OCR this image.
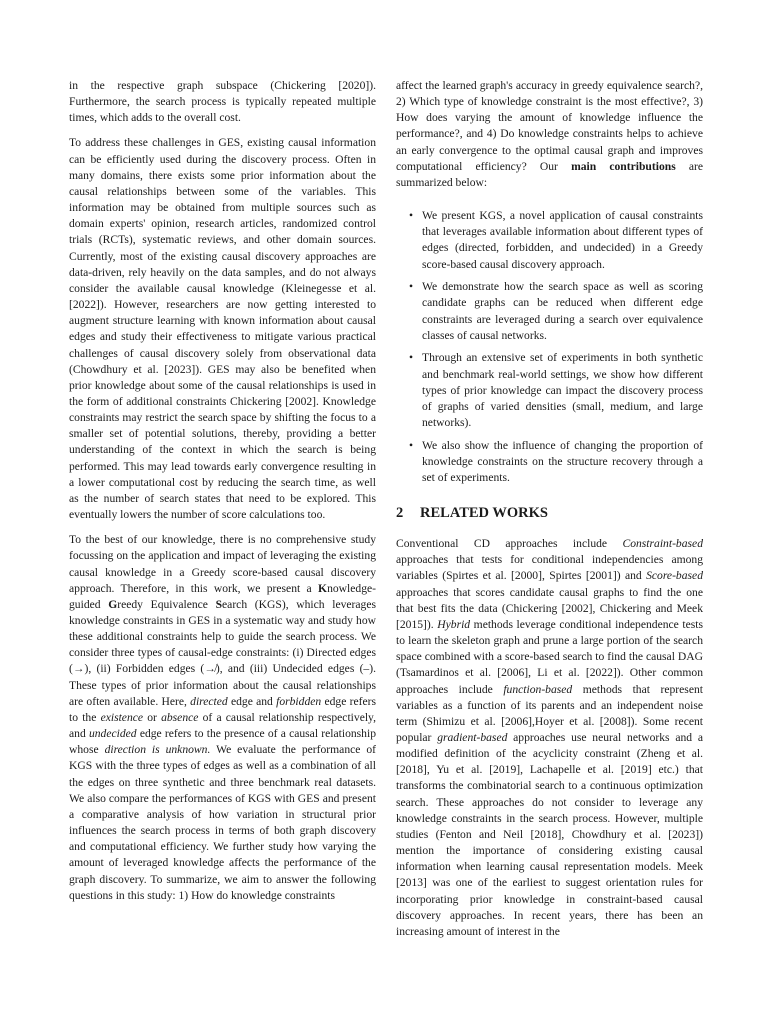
in the respective graph subspace (Chickering [2020]). Furthermore, the search process is typically repeated multiple times, which adds to the overall cost.

To address these challenges in GES, existing causal information can be efficiently used during the discovery process. Often in many domains, there exists some prior information about the causal relationships between some of the variables. This information may be obtained from multiple sources such as domain experts' opinion, research articles, randomized control trials (RCTs), systematic reviews, and other domain sources. Currently, most of the existing causal discovery approaches are data-driven, rely heavily on the data samples, and do not always consider the available causal knowledge (Kleinegesse et al. [2022]). However, researchers are now getting interested to augment structure learning with known information about causal edges and study their effectiveness to mitigate various practical challenges of causal discovery solely from observational data (Chowdhury et al. [2023]). GES may also be benefited when prior knowledge about some of the causal relationships is used in the form of additional constraints Chickering [2002]. Knowledge constraints may restrict the search space by shifting the focus to a smaller set of potential solutions, thereby, providing a better understanding of the context in which the search is being performed. This may lead towards early convergence resulting in a lower computational cost by reducing the search time, as well as the number of search states that need to be explored. This eventually lowers the number of score calculations too.

To the best of our knowledge, there is no comprehensive study focussing on the application and impact of leveraging the existing causal knowledge in a Greedy score-based causal discovery approach. Therefore, in this work, we present a Knowledge-guided Greedy Equivalence Search (KGS), which leverages knowledge constraints in GES in a systematic way and study how these additional constraints help to guide the search process. We consider three types of causal-edge constraints: (i) Directed edges (→), (ii) Forbidden edges (↛), and (iii) Undecided edges (–). These types of prior information about the causal relationships are often available. Here, directed edge and forbidden edge refers to the existence or absence of a causal relationship respectively, and undecided edge refers to the presence of a causal relationship whose direction is unknown. We evaluate the performance of KGS with the three types of edges as well as a combination of all the edges on three synthetic and three benchmark real datasets. We also compare the performances of KGS with GES and present a comparative analysis of how variation in structural prior influences the search process in terms of both graph discovery and computational efficiency. We further study how varying the amount of leveraged knowledge affects the performance of the graph discovery. To summarize, we aim to answer the following questions in this study: 1) How do knowledge constraints

affect the learned graph's accuracy in greedy equivalence search?, 2) Which type of knowledge constraint is the most effective?, 3) How does varying the amount of knowledge influence the performance?, and 4) Do knowledge constraints helps to achieve an early convergence to the optimal causal graph and improves computational efficiency? Our main contributions are summarized below:

• We present KGS, a novel application of causal constraints that leverages available information about different types of edges (directed, forbidden, and undecided) in a Greedy score-based causal discovery approach.
• We demonstrate how the search space as well as scoring candidate graphs can be reduced when different edge constraints are leveraged during a search over equivalence classes of causal networks.
• Through an extensive set of experiments in both synthetic and benchmark real-world settings, we show how different types of prior knowledge can impact the discovery process of graphs of varied densities (small, medium, and large networks).
• We also show the influence of changing the proportion of knowledge constraints on the structure recovery through a set of experiments.
2 RELATED WORKS

Conventional CD approaches include Constraint-based approaches that tests for conditional independencies among variables (Spirtes et al. [2000], Spirtes [2001]) and Score-based approaches that scores candidate causal graphs to find the one that best fits the data (Chickering [2002], Chickering and Meek [2015]). Hybrid methods leverage conditional independence tests to learn the skeleton graph and prune a large portion of the search space combined with a score-based search to find the causal DAG (Tsamardinos et al. [2006], Li et al. [2022]). Other common approaches include function-based methods that represent variables as a function of its parents and an independent noise term (Shimizu et al. [2006],Hoyer et al. [2008]). Some recent popular gradient-based approaches use neural networks and a modified definition of the acyclicity constraint (Zheng et al. [2018], Yu et al. [2019], Lachapelle et al. [2019] etc.) that transforms the combinatorial search to a continuous optimization search. These approaches do not consider to leverage any knowledge constraints in the search process. However, multiple studies (Fenton and Neil [2018], Chowdhury et al. [2023]) mention the importance of considering existing causal information when learning causal representation models. Meek [2013] was one of the earliest to suggest orientation rules for incorporating prior knowledge in constraint-based causal discovery approaches. In recent years, there has been an increasing amount of interest in the
